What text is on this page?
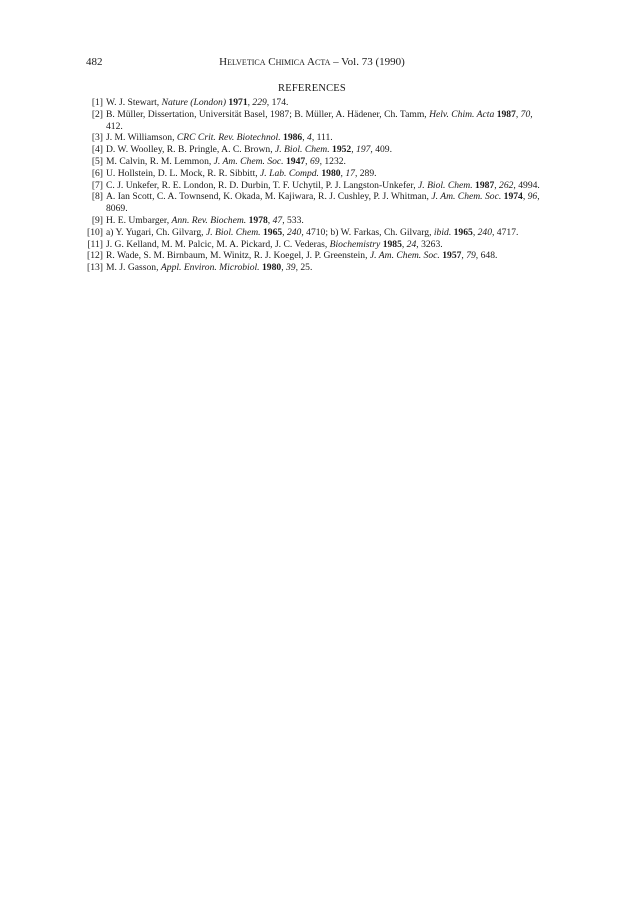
482	Helvetica Chimica Acta – Vol. 73 (1990)
REFERENCES

[1] W. J. Stewart, Nature (London) 1971, 229, 174.

[2] B. Müller, Dissertation, Universität Basel, 1987; B. Müller, A. Hädener, Ch. Tamm, Helv. Chim. Acta 1987, 70, 412.

[3] J. M. Williamson, CRC Crit. Rev. Biotechnol. 1986, 4, 111.

[4] D. W. Woolley, R. B. Pringle, A. C. Brown, J. Biol. Chem. 1952, 197, 409.

[5] M. Calvin, R. M. Lemmon, J. Am. Chem. Soc. 1947, 69, 1232.

[6] U. Hollstein, D. L. Mock, R. R. Sibbitt, J. Lab. Compd. 1980, 17, 289.

[7] C. J. Unkefer, R. E. London, R. D. Durbin, T. F. Uchytil, P. J. Langston-Unkefer, J. Biol. Chem. 1987, 262, 4994.

[8] A. Ian Scott, C. A. Townsend, K. Okada, M. Kajiwara, R. J. Cushley, P. J. Whitman, J. Am. Chem. Soc. 1974, 96, 8069.

[9] H. E. Umbarger, Ann. Rev. Biochem. 1978, 47, 533.

[10] a) Y. Yugari, Ch. Gilvarg, J. Biol. Chem. 1965, 240, 4710; b) W. Farkas, Ch. Gilvarg, ibid. 1965, 240, 4717.

[11] J. G. Kelland, M. M. Palcic, M. A. Pickard, J. C. Vederas, Biochemistry 1985, 24, 3263.

[12] R. Wade, S. M. Birnbaum, M. Winitz, R. J. Koegel, J. P. Greenstein, J. Am. Chem. Soc. 1957, 79, 648.

[13] M. J. Gasson, Appl. Environ. Microbiol. 1980, 39, 25.
